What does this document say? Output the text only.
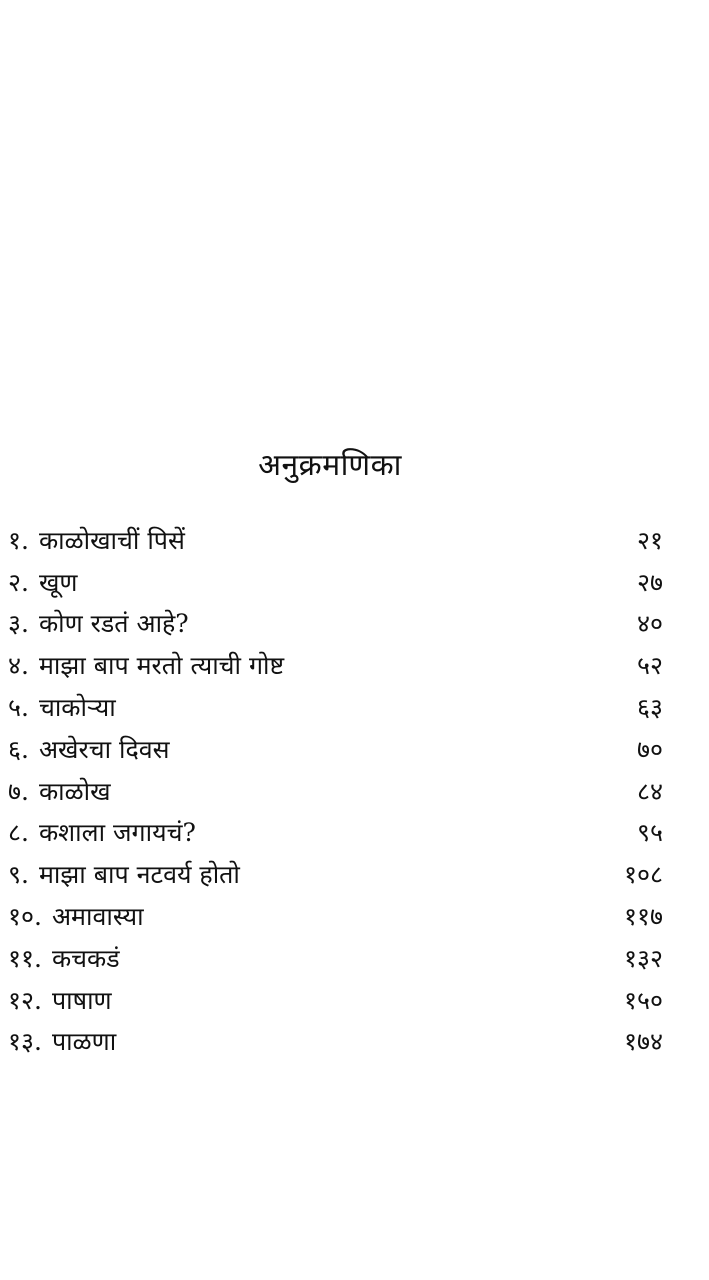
अनुक्रमणिका
१. काळोखाचीं पिसें	२१
२. खूण	२७
३. कोण रडतं आहे?	४०
४. माझा बाप मरतो त्याची गोष्ट	५२
५. चाकोऱ्या	६३
६. अखेरचा दिवस	७०
७. काळोख	८४
८. कशाला जगायचं?	९५
९. माझा बाप नटवर्य होतो	१०८
१०. अमावास्या	११७
११. कचकडं	१३२
१२. पाषाण	१५०
१३. पाळणा	१७४
